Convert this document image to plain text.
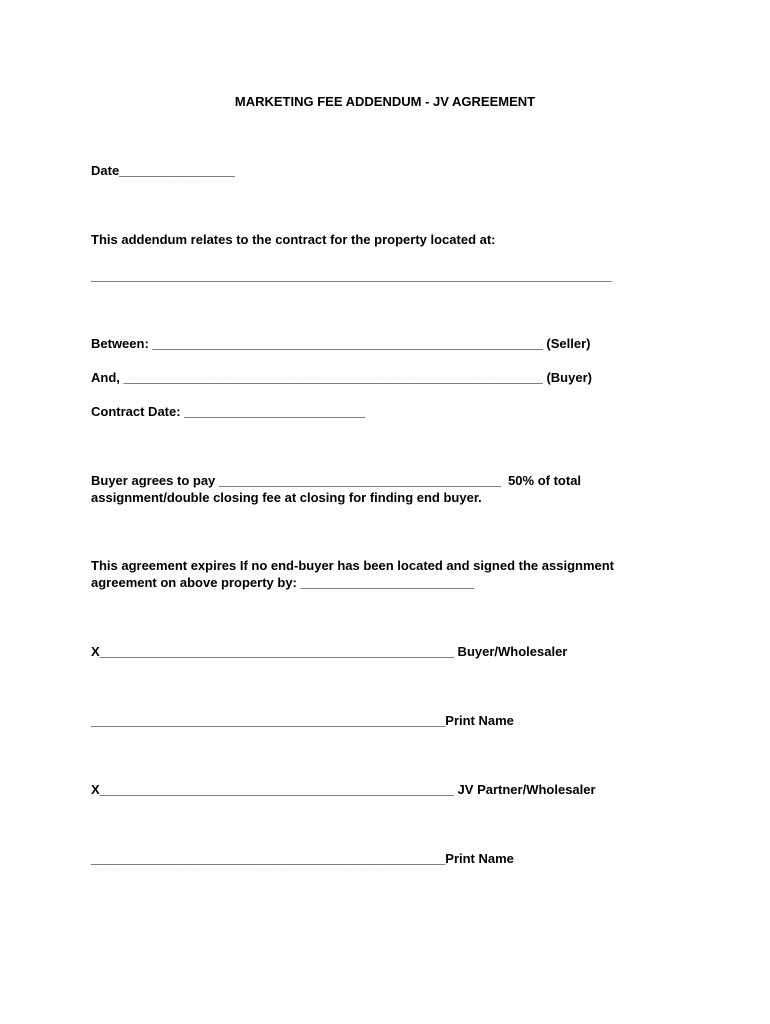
MARKETING FEE ADDENDUM - JV AGREEMENT

Date________________

This addendum relates to the contract for the property located at:

________________________________________________________________________

Between: ______________________________________________________ (Seller)

And, __________________________________________________________ (Buyer)

Contract Date: _________________________

Buyer agrees to pay _______________________________________  50% of total

assignment/double closing fee at closing for finding end buyer.

This agreement expires If no end-buyer has been located and signed the assignment

agreement on above property by: ________________________

X_________________________________________________ Buyer/Wholesaler

_________________________________________________Print Name

X_________________________________________________ JV Partner/Wholesaler

_________________________________________________Print Name
